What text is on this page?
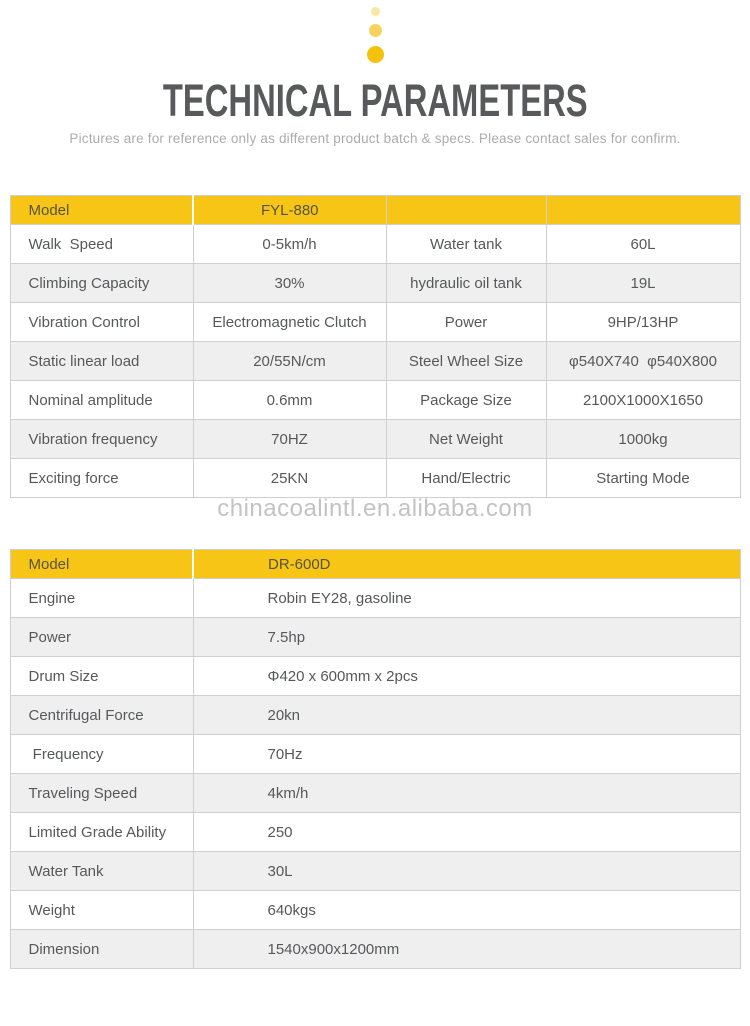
TECHNICAL PARAMETERS

Pictures are for reference only as different product batch & specs. Please contact sales for confirm.

Model	FYL-880		
Walk  Speed	0-5km/h	Water tank	60L
Climbing Capacity	30%	hydraulic oil tank	19L
Vibration Control	Electromagnetic Clutch	Power	9HP/13HP
Static linear load	20/55N/cm	Steel Wheel Size	φ540X740  φ540X800
Nominal amplitude	0.6mm	Package Size	2100X1000X1650
Vibration frequency	70HZ	Net Weight	1000kg
Exciting force	25KN	Hand/Electric	Starting Mode
chinacoalintl.en.alibaba.com
Model	DR-600D
Engine	Robin EY28, gasoline
Power	7.5hp
Drum Size	Φ420 x 600mm x 2pcs
Centrifugal Force	20kn
Frequency	70Hz
Traveling Speed	4km/h
Limited Grade Ability	250
Water Tank	30L
Weight	640kgs
Dimension	1540x900x1200mm
